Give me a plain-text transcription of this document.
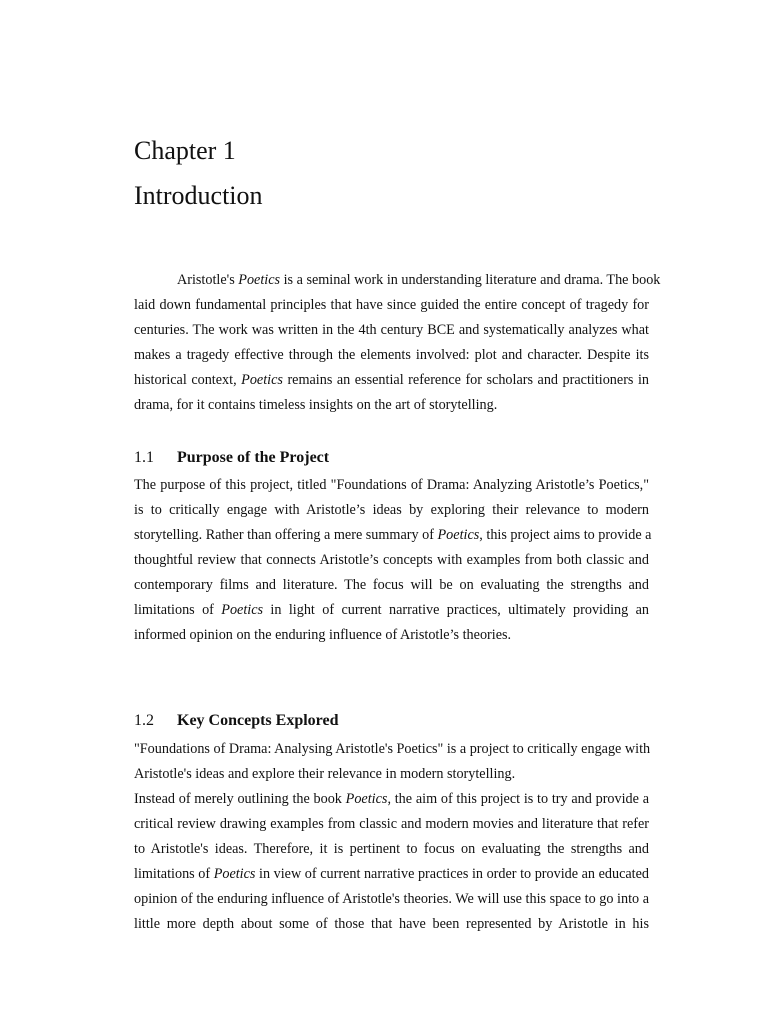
Chapter 1
Introduction

Aristotle's Poetics is a seminal work in understanding literature and drama. The book
laid down fundamental principles that have since guided the entire concept of tragedy for
centuries. The work was written in the 4th century BCE and systematically analyzes what
makes a tragedy effective through the elements involved: plot and character. Despite its
historical context, Poetics remains an essential reference for scholars and practitioners in
drama, for it contains timeless insights on the art of storytelling.

1.1 Purpose of the Project

The purpose of this project, titled "Foundations of Drama: Analyzing Aristotle’s Poetics,"
is to critically engage with Aristotle’s ideas by exploring their relevance to modern
storytelling. Rather than offering a mere summary of Poetics, this project aims to provide a
thoughtful review that connects Aristotle’s concepts with examples from both classic and
contemporary films and literature. The focus will be on evaluating the strengths and
limitations of Poetics in light of current narrative practices, ultimately providing an
informed opinion on the enduring influence of Aristotle’s theories.

1.2 Key Concepts Explored

"Foundations of Drama: Analysing Aristotle's Poetics" is a project to critically engage with
Aristotle's ideas and explore their relevance in modern storytelling.

Instead of merely outlining the book Poetics, the aim of this project is to try and provide a
critical review drawing examples from classic and modern movies and literature that refer
to Aristotle's ideas. Therefore, it is pertinent to focus on evaluating the strengths and
limitations of Poetics in view of current narrative practices in order to provide an educated
opinion of the enduring influence of Aristotle's theories. We will use this space to go into a
little more depth about some of those that have been represented by Aristotle in his
